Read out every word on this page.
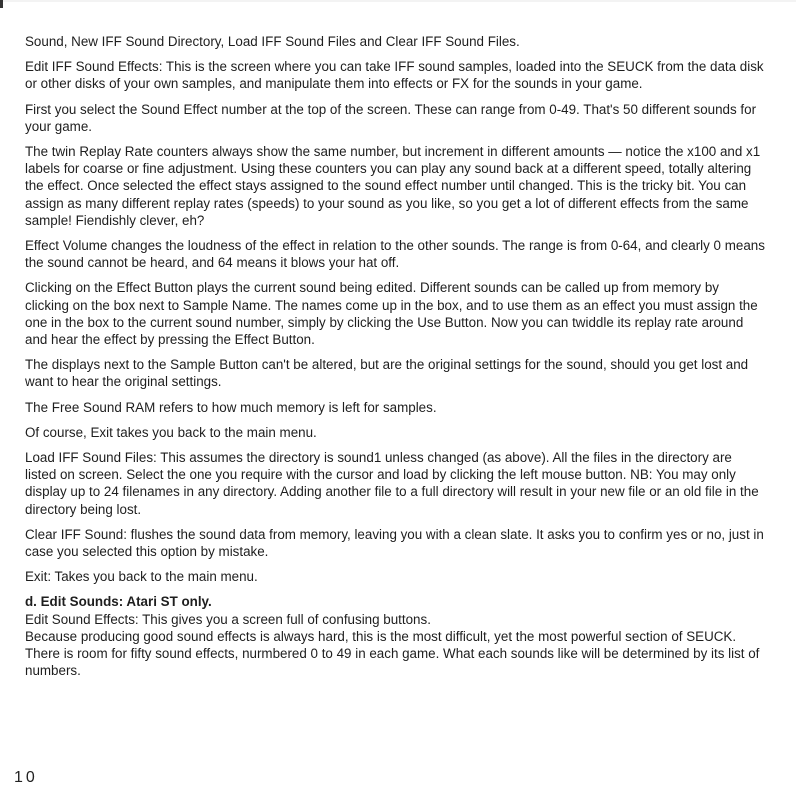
Sound, New IFF Sound Directory, Load IFF Sound Files and Clear IFF Sound Files.

Edit IFF Sound Effects: This is the screen where you can take IFF sound samples, loaded into the SEUCK from the data disk or other disks of your own samples, and manipulate them into effects or FX for the sounds in your game.

First you select the Sound Effect number at the top of the screen. These can range from 0-49. That's 50 different sounds for your game.

The twin Replay Rate counters always show the same number, but increment in different amounts — notice the x100 and x1 labels for coarse or fine adjustment. Using these counters you can play any sound back at a different speed, totally altering the effect. Once selected the effect stays assigned to the sound effect number until changed. This is the tricky bit. You can assign as many different replay rates (speeds) to your sound as you like, so you get a lot of different effects from the same sample! Fiendishly clever, eh?

Effect Volume changes the loudness of the effect in relation to the other sounds. The range is from 0-64, and clearly 0 means the sound cannot be heard, and 64 means it blows your hat off.

Clicking on the Effect Button plays the current sound being edited. Different sounds can be called up from memory by clicking on the box next to Sample Name. The names come up in the box, and to use them as an effect you must assign the one in the box to the current sound number, simply by clicking the Use Button. Now you can twiddle its replay rate around and hear the effect by pressing the Effect Button.

The displays next to the Sample Button can't be altered, but are the original settings for the sound, should you get lost and want to hear the original settings.

The Free Sound RAM refers to how much memory is left for samples.

Of course, Exit takes you back to the main menu.

Load IFF Sound Files: This assumes the directory is sound1 unless changed (as above). All the files in the directory are listed on screen. Select the one you require with the cursor and load by clicking the left mouse button. NB: You may only display up to 24 filenames in any directory. Adding another file to a full directory will result in your new file or an old file in the directory being lost.

Clear IFF Sound: flushes the sound data from memory, leaving you with a clean slate. It asks you to confirm yes or no, just in case you selected this option by mistake.

Exit: Takes you back to the main menu.

d. Edit Sounds: Atari ST only.

Edit Sound Effects: This gives you a screen full of confusing buttons.

Because producing good sound effects is always hard, this is the most difficult, yet the most powerful section of SEUCK. There is room for fifty sound effects, nurmbered 0 to 49 in each game. What each sounds like will be determined by its list of numbers.

10
